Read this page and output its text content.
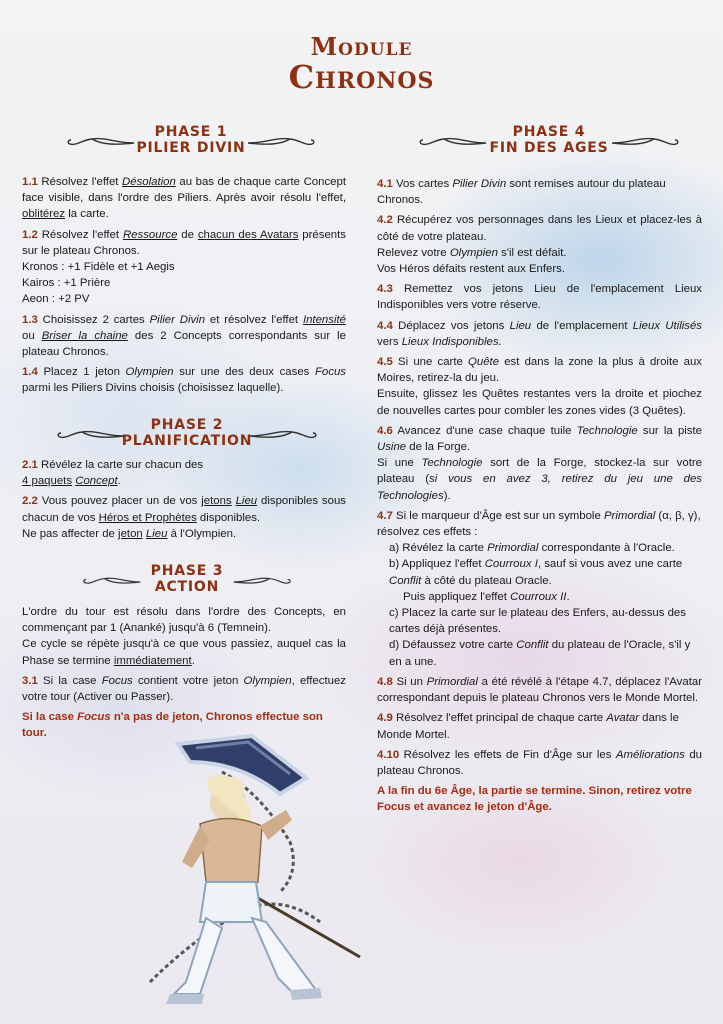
Module
Chronos
PHASE 1
PILIER DIVIN

1.1 Résolvez l'effet Désolation au bas de chaque carte Concept face visible, dans l'ordre des Piliers. Après avoir résolu l'effet, oblitérez la carte.

1.2 Résolvez l'effet Ressource de chacun des Avatars présents sur le plateau Chronos.

Kronos : +1 Fidèle et +1 Aegis

Kairos : +1 Prière

Aeon : +2 PV

1.3 Choisissez 2 cartes Pilier Divin et résolvez l'effet Intensité ou Briser la chaine des 2 Concepts correspondants sur le plateau Chronos.

1.4 Placez 1 jeton Olympien sur une des deux cases Focus parmi les Piliers Divins choisis (choisissez laquelle).

PHASE 2
PLANIFICATION

2.1 Révélez la carte sur chacun des
4 paquets Concept.

2.2 Vous pouvez placer un de vos jetons Lieu disponibles sous chacun de vos Héros et Prophètes disponibles.

Ne pas affecter de jeton Lieu à l'Olympien.

PHASE 3
ACTION

L'ordre du tour est résolu dans l'ordre des Concepts, en commençant par 1 (Ananké) jusqu'à 6 (Temnein).

Ce cycle se répète jusqu'à ce que vous passiez, auquel cas la Phase se termine immédiatement.

3.1 Si la case Focus contient votre jeton Olympien, effectuez votre tour (Activer ou Passer).

Si la case Focus n'a pas de jeton, Chronos effectue son tour.

PHASE 4
FIN DES AGES

4.1 Vos cartes Pilier Divin sont remises autour du plateau Chronos.

4.2 Récupérez vos personnages dans les Lieux et placez-les à côté de votre plateau.

Relevez votre Olympien s'il est défait.

Vos Héros défaits restent aux Enfers.

4.3 Remettez vos jetons Lieu de l'emplacement Lieux Indisponibles vers votre réserve.

4.4 Déplacez vos jetons Lieu de l'emplacement Lieux Utilisés vers Lieux Indisponibles.

4.5 Si une carte Quête est dans la zone la plus à droite aux Moires, retirez-la du jeu.

Ensuite, glissez les Quêtes restantes vers la droite et piochez de nouvelles cartes pour combler les zones vides (3 Quêtes).

4.6 Avancez d'une case chaque tuile Technologie sur la piste Usine de la Forge.

Si une Technologie sort de la Forge, stockez-la sur votre plateau (si vous en avez 3, retirez du jeu une des Technologies).

4.7 Si le marqueur d'Âge est sur un symbole Primordial (α, β, γ), résolvez ces effets :

a) Révélez la carte Primordial correspondante à l'Oracle.

b) Appliquez l'effet Courroux I, sauf si vous avez une carte Conflit à côté du plateau Oracle.

Puis appliquez l'effet Courroux II.

c) Placez la carte sur le plateau des Enfers, au-dessus des cartes déjà présentes.

d) Défaussez votre carte Conflit du plateau de l'Oracle, s'il y en a une.

4.8 Si un Primordial a été révélé à l'étape 4.7, déplacez l'Avatar correspondant depuis le plateau Chronos vers le Monde Mortel.

4.9 Résolvez l'effet principal de chaque carte Avatar dans le Monde Mortel.

4.10 Résolvez les effets de Fin d'Âge sur les Améliorations du plateau Chronos.

A la fin du 6e Âge, la partie se termine. Sinon, retirez votre Focus et avancez le jeton d'Âge.
